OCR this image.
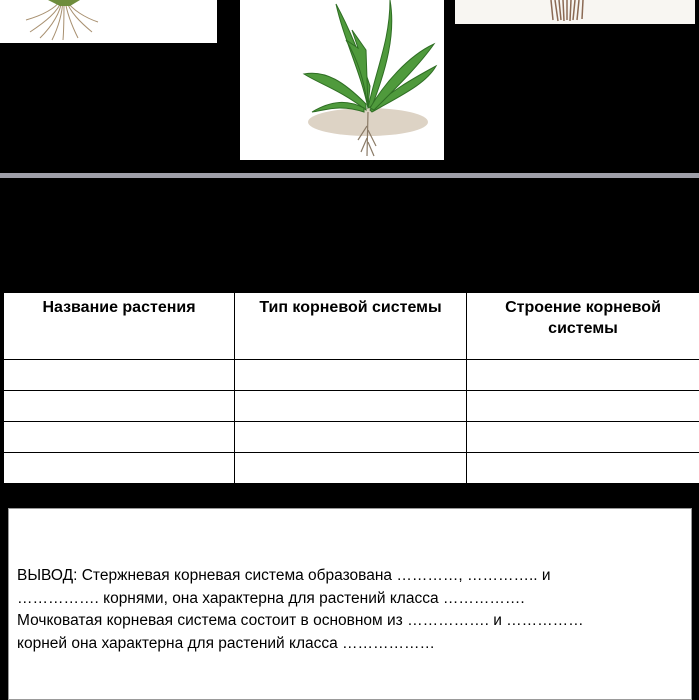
Название растения	Тип корневой системы	Строение корневой системы

ВЫВОД: Стержневая корневая система образована …………, ………….. и
……………. корнями, она характерна для растений класса …………….
Мочковатая корневая система состоит в основном из ……………. и ……………
корней она характерна для растений класса ………………
